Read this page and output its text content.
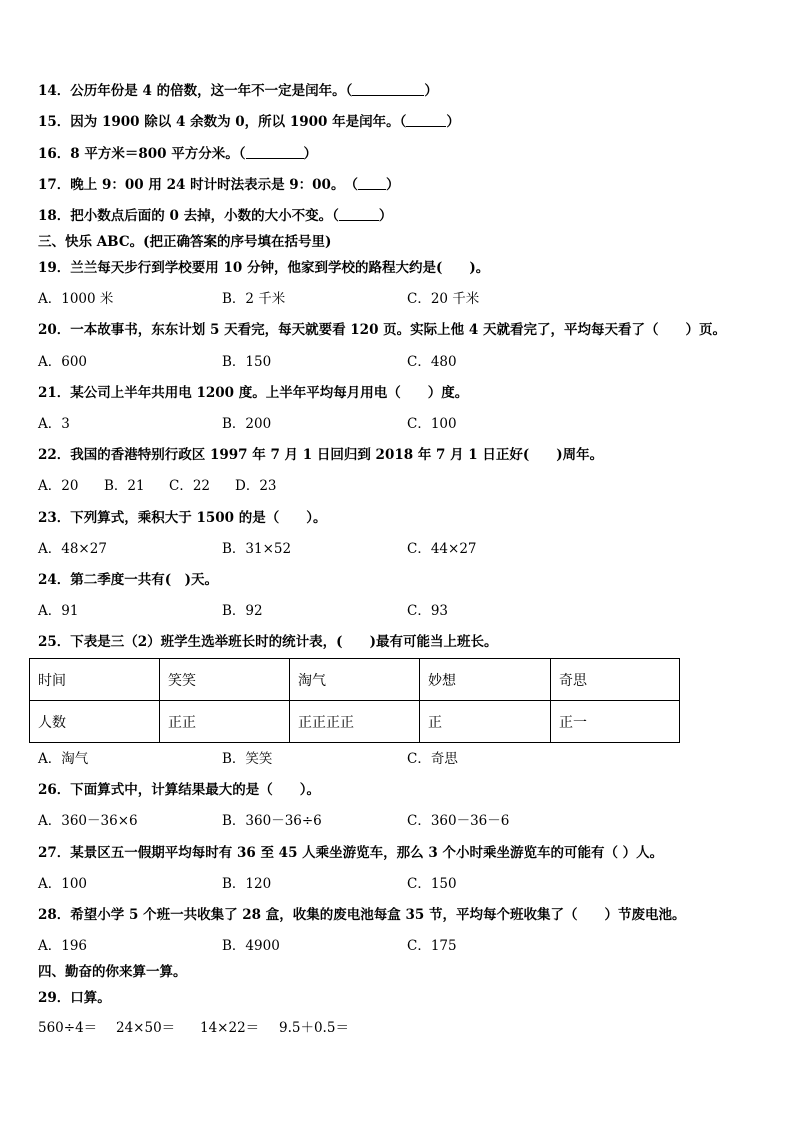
14．公历年份是 4 的倍数，这一年不一定是闰年。（	）
15．因为 1900 除以 4 余数为 0，所以 1900 年是闰年。（	）
16．8 平方米＝800 平方分米。（	）
17．晚上 9：00 用 24 时计时法表示是 9：00。　（ ）
18．把小数点后面的 0 去掉，小数的大小不变。（	）
三、快乐 ABC。(把正确答案的序号填在括号里)
19．兰兰每天步行到学校要用 10 分钟，他家到学校的路程大约是(　　)。
A．1000 米	B．2 千米	C．20 千米
20．一本故事书，东东计划 5 天看完，每天就要看 120 页。实际上他 4 天就看完了，平均每天看了（　　）页。
A．600	B．150	C．480
21．某公司上半年共用电 1200 度。上半年平均每月用电（　　）度。
A．3	B．200	C．100
22．我国的香港特别行政区 1997 年 7 月 1 日回归到 2018 年 7 月 1 日正好(　　)周年。
A．20 B．21 C．22 D．23
23．下列算式，乘积大于 1500 的是（　　）。
A．48×27	B．31×52	C．44×27
24．第二季度一共有(　)天。
A．91	B．92	C．93
25．下表是三（2）班学生选举班长时的统计表，(　　)最有可能当上班长。
时间	笑笑	淘气	妙想	奇思
人数	正正	正正正正	正	正一
A．淘气	B．笑笑	C．奇思
26．下面算式中，计算结果最大的是（　　）。
A．360－36×6	B．360－36÷6	C．360－36－6
27．某景区五一假期平均每时有 36 至 45 人乘坐游览车，那么 3 个小时乘坐游览车的可能有（ ）人。
A．100	B．120	C．150
28．希望小学 5 个班一共收集了 28 盒，收集的废电池每盒 35 节，平均每个班收集了（　　）节废电池。
A．196	B．4900	C．175
四、勤奋的你来算一算。
29．口算。
560÷4＝ 24×50＝ 14×22＝ 9.5＋0.5＝
